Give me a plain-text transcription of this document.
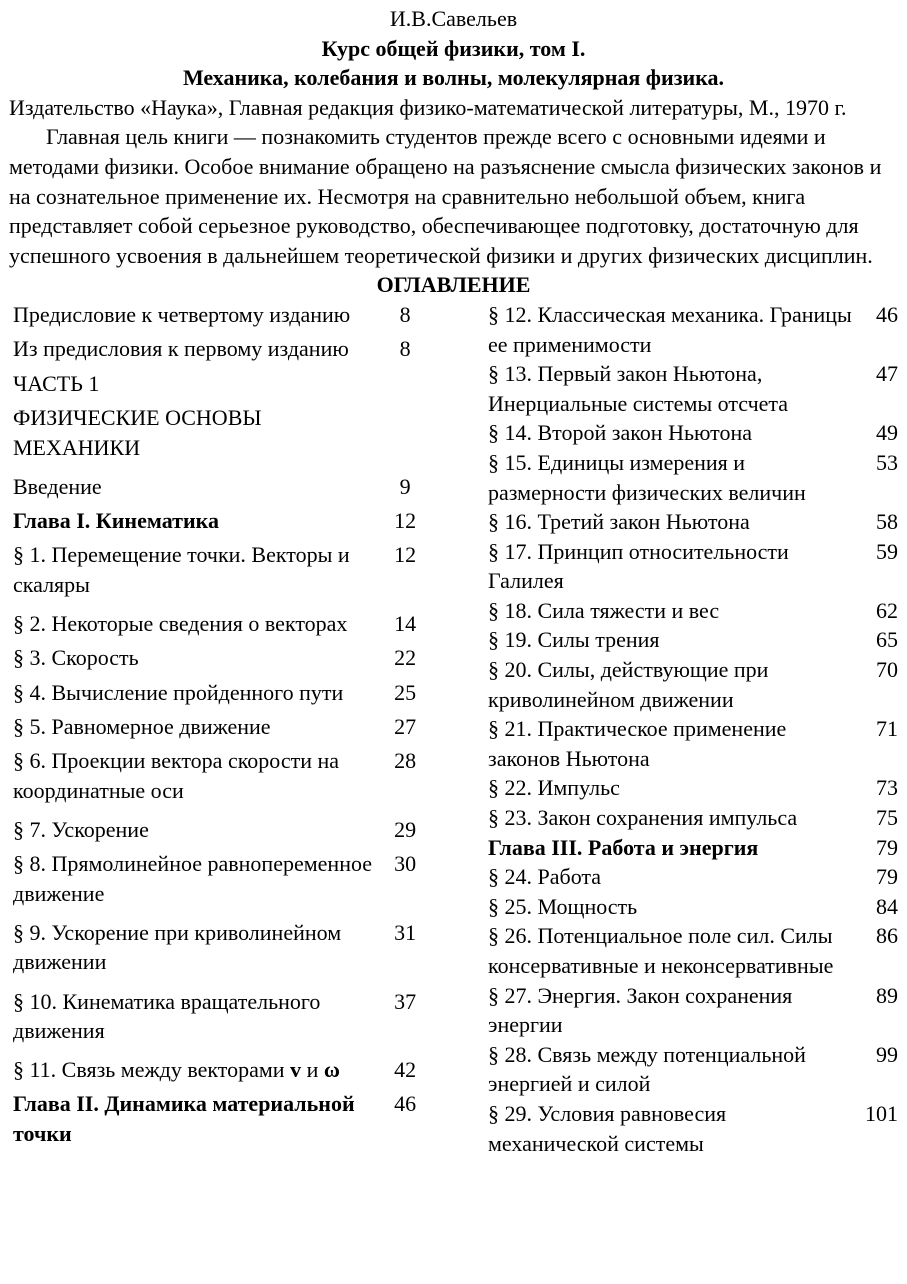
И.В.Савельев
Курс общей физики, том I.
Механика, колебания и волны, молекулярная физика.

Издательство «Наука», Главная редакция физико-математической литературы, М., 1970 г.

Главная цель книги — познакомить студентов прежде всего с основными идеями и методами физики. Особое внимание обращено на разъяснение смысла физических законов и на сознательное применение их. Несмотря на сравнительно небольшой объем, книга представляет собой серьезное руководство, обеспечивающее подготовку, достаточную для успешного усвоения в дальнейшем теоретической физики и других физических дисциплин.

ОГЛАВЛЕНИЕ
Предисловие к четвертому изданию	8
Из предисловия к первому изданию	8
ЧАСТЬ 1	
ФИЗИЧЕСКИЕ ОСНОВЫ МЕХАНИКИ	
Введение	9
Глава I. Кинематика	12
§ 1. Перемещение точки. Векторы и скаляры	12
§ 2. Некоторые сведения о векторах	14
§ 3. Скорость	22
§ 4. Вычисление пройденного пути	25
§ 5. Равномерное движение	27
§ 6. Проекции вектора скорости на координатные оси	28
§ 7. Ускорение	29
§ 8. Прямолинейное равнопеременное движение	30
§ 9. Ускорение при криволинейном движении	31
§ 10. Кинематика вращательного движения	37
§ 11. Связь между векторами v и ω	42
Глава II. Динамика материальной точки	46
§ 12. Классическая механика. Границы ее применимости	46
§ 13. Первый закон Ньютона, Инерциальные системы отсчета	47
§ 14. Второй закон Ньютона	49
§ 15. Единицы измерения и размерности физических величин	53
§ 16. Третий закон Ньютона	58
§ 17. Принцип относительности Галилея	59
§ 18. Сила тяжести и вес	62
§ 19. Силы трения	65
§ 20. Силы, действующие при криволинейном движении	70
§ 21. Практическое применение законов Ньютона	71
§ 22. Импульс	73
§ 23. Закон сохранения импульса	75
Глава III. Работа и энергия	79
§ 24. Работа	79
§ 25. Мощность	84
§ 26. Потенциальное поле сил. Силы консервативные и неконсервативные	86
§ 27. Энергия. Закон сохранения энергии	89
§ 28. Связь между потенциальной энергией и силой	99
§ 29. Условия равновесия механической системы	101
